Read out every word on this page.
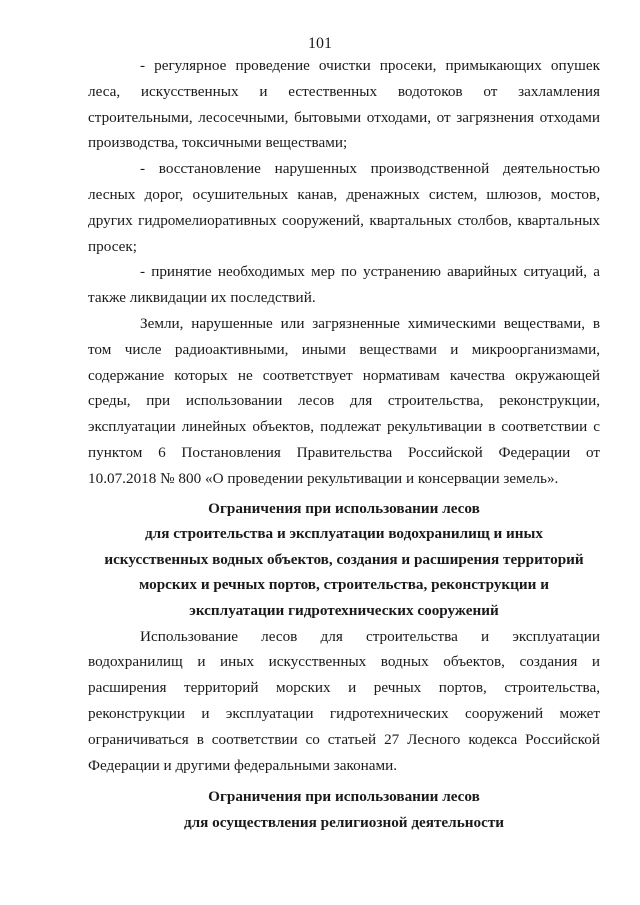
101

- регулярное проведение очистки просеки, примыкающих опушек леса, искусственных и естественных водотоков от захламления строительными, лесосечными, бытовыми отходами, от загрязнения отходами производства, токсичными веществами;

- восстановление нарушенных производственной деятельностью лесных дорог, осушительных канав, дренажных систем, шлюзов, мостов, других гидромелиоративных сооружений, квартальных столбов, квартальных просек;

- принятие необходимых мер по устранению аварийных ситуаций, а также ликвидации их последствий.

Земли, нарушенные или загрязненные химическими веществами, в том числе радиоактивными, иными веществами и микроорганизмами, содержание которых не соответствует нормативам качества окружающей среды, при использовании лесов для строительства, реконструкции, эксплуатации линейных объектов, подлежат рекультивации в соответствии с пунктом 6 Постановления Правительства Российской Федерации от 10.07.2018 № 800 «О проведении рекультивации и консервации земель».

Ограничения при использовании лесов

для строительства и эксплуатации водохранилищ и иных

искусственных водных объектов, создания и расширения территорий

морских и речных портов, строительства, реконструкции и

эксплуатации гидротехнических сооружений

Использование лесов для строительства и эксплуатации водохранилищ и иных искусственных водных объектов, создания и расширения территорий морских и речных портов, строительства, реконструкции и эксплуатации гидротехнических сооружений может ограничиваться в соответствии со статьей 27 Лесного кодекса Российской Федерации и другими федеральными законами.

Ограничения при использовании лесов

для осуществления религиозной деятельности
